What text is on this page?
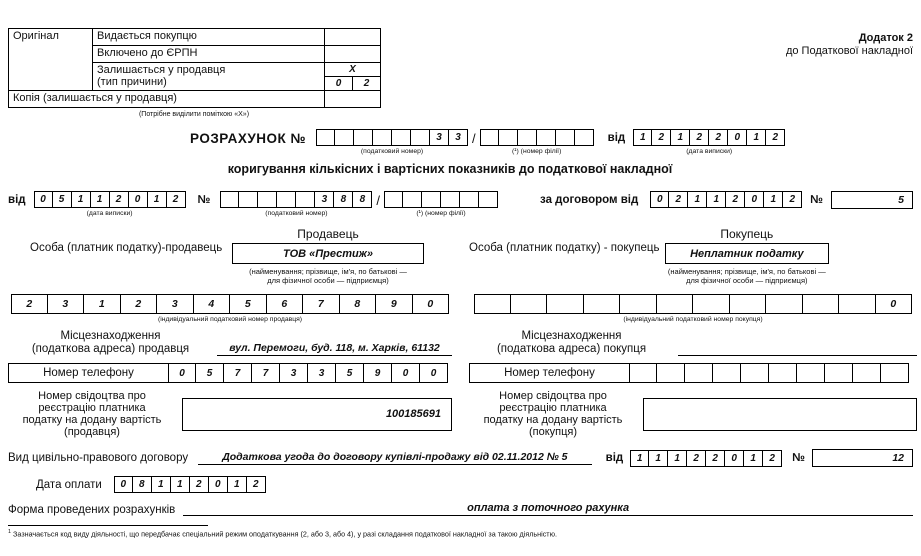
Додаток 2
до Податкової накладної
Оригінал	Видається покупцю		
	Включено до ЄРПН		
	Залишається у продавця
(тип причини)	X	
		0	2
Копія (залишається у продавця)			
(Потрібне виділити поміткою «Х»)
РОЗРАХУНОК №	3	3
(податковий номер)
/
(¹) (номер філії)
від	1	2	1	2	2	0	1	2
(дата виписки)
коригування кількісних і вартісних показників до податкової накладної
від	0	5	1	1	2	0	1	2
(дата виписки)
№	3	8	8
(податковий номер)
/
(¹) (номер філії)
за договором від	0	2	1	1	2	0	1	2	№	5
Особа (платник податку)-продавець
Продавець
ТОВ «Престиж»
(найменування; прізвище, ім'я, по батькові —
для фізичної особи — підприємця)
2	3	1	2	3	4	5	6	7	8	9	0
(індивідуальний податковий номер продавця)
Місцезнаходження
(податкова адреса) продавця	вул. Перемоги, буд. 118, м. Харків, 61132
Номер телефону	0	5	7	7	3	3	5	9	0	0
Номер свідоцтва про
реєстрацію платника
податку на додану вартість
(продавця)
100185691
Особа (платник податку) - покупець
Покупець
Неплатник податку
(найменування; прізвище, ім'я, по батькові —
для фізичної особи — підприємця)
0
(індивідуальний податковий номер покупця)
Місцезнаходження
(податкова адреса) покупця
Номер телефону
Номер свідоцтва про
реєстрацію платника
податку на додану вартість
(покупця)
Вид цивільно-правового договору	Додаткова угода до договору купівлі-продажу від 02.11.2012 № 5	від	1	1	1	2	2	0	1	2	№	12
Дата оплати	0	8	1	1	2	0	1	2
Форма проведених розрахунків	оплата з поточного рахунка
$^1$ Зазначається код виду діяльності, що передбачає спеціальний режим оподаткування (2, або 3, або 4), у разі складання податкової накладної за такою діяльністю.
